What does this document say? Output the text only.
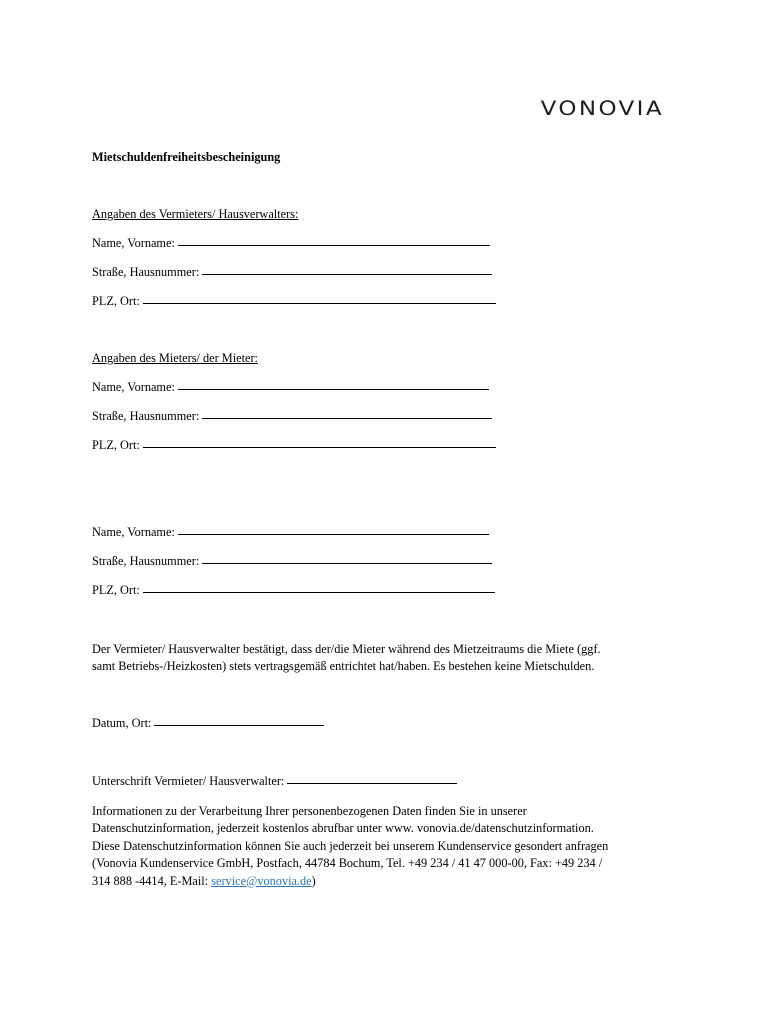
VONOVIA
Mietschuldenfreiheitsbescheinigung
Angaben des Vermieters/ Hausverwalters:
Name, Vorname:
Straße, Hausnummer:
PLZ, Ort:
Angaben des Mieters/ der Mieter:
Name, Vorname:
Straße, Hausnummer:
PLZ, Ort:
Name, Vorname:
Straße, Hausnummer:
PLZ, Ort:
Der Vermieter/ Hausverwalter bestätigt, dass der/die Mieter während des Mietzeitraums die Miete (ggf.
samt Betriebs-/Heizkosten) stets vertragsgemäß entrichtet hat/haben. Es bestehen keine Mietschulden.
Datum, Ort:
Unterschrift Vermieter/ Hausverwalter:
Informationen zu der Verarbeitung Ihrer personenbezogenen Daten finden Sie in unserer
Datenschutzinformation, jederzeit kostenlos abrufbar unter www. vonovia.de/datenschutzinformation.
Diese Datenschutzinformation können Sie auch jederzeit bei unserem Kundenservice gesondert anfragen
(Vonovia Kundenservice GmbH, Postfach, 44784 Bochum, Tel. +49 234 / 41 47 000-00, Fax: +49 234 /
314 888 -4414, E-Mail: service@vonovia.de)
